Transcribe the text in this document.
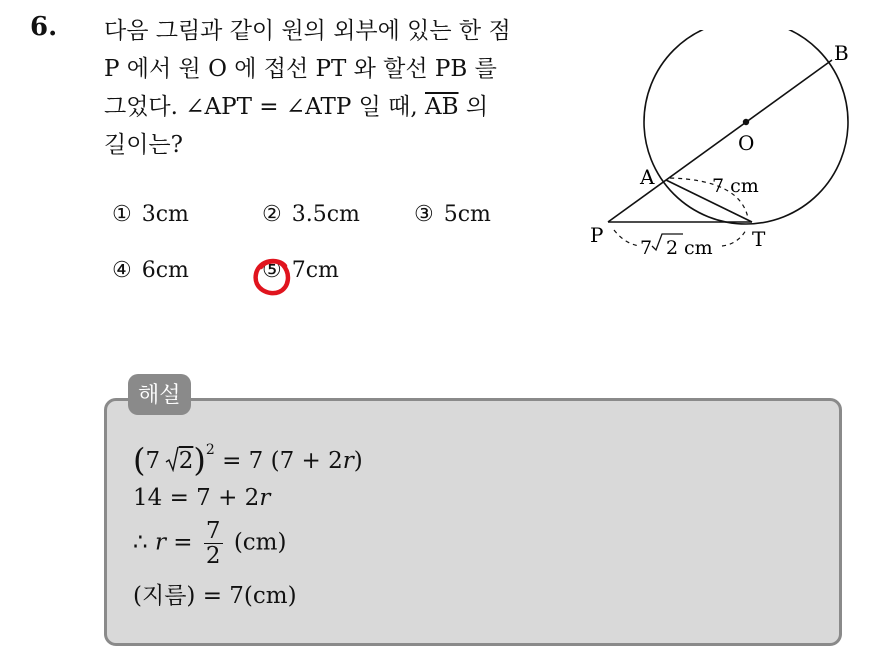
6. 다음 그림과 같이 원의 외부에 있는 한 점

P 에서 원 O 에 접선 PT 와 할선 PB 를

그었다. ∠APT = ∠ATP 일 때, $\overline{AB}$ 의

길이는?

① 3cm	② 3.5cm ③ 5cm
④ 6cm	⑤ 7cm
B
O
A
P	T
7 cm
7 2 cm
해설
(7  2)$^2$ = 7 (7 + 2r)
14 = 7 + 2r
∴ $r = \frac{7}{2} (cm)$
(지름) = 7(cm)
